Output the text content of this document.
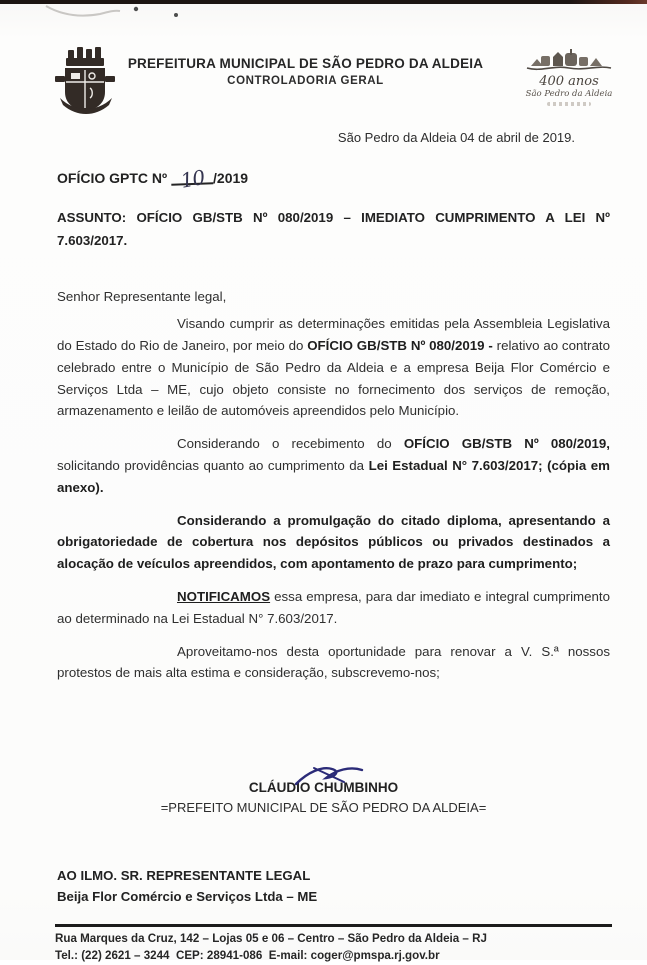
PREFEITURA MUNICIPAL DE SÃO PEDRO DA ALDEIA
CONTROLADORIA GERAL	400 anos
São Pedro da Aldeia
São Pedro da Aldeia 04 de abril de 2019.
OFÍCIO GPTC Nº 10 /2019
ASSUNTO: OFÍCIO GB/STB Nº 080/2019 – IMEDIATO CUMPRIMENTO A LEI Nº 7.603/2017.
Senhor Representante legal,

Visando cumprir as determinações emitidas pela Assembleia Legislativa do Estado do Rio de Janeiro, por meio do OFÍCIO GB/STB Nº 080/2019 - relativo ao contrato celebrado entre o Município de São Pedro da Aldeia e a empresa Beija Flor Comércio e Serviços Ltda – ME, cujo objeto consiste no fornecimento dos serviços de remoção, armazenamento e leilão de automóveis apreendidos pelo Município.

Considerando o recebimento do OFÍCIO GB/STB Nº 080/2019, solicitando providências quanto ao cumprimento da Lei Estadual N° 7.603/2017; (cópia em anexo).

Considerando a promulgação do citado diploma, apresentando a obrigatoriedade de cobertura nos depósitos públicos ou privados destinados a alocação de veículos apreendidos, com apontamento de prazo para cumprimento;

NOTIFICAMOS essa empresa, para dar imediato e integral cumprimento ao determinado na Lei Estadual N° 7.603/2017.

Aproveitamo-nos desta oportunidade para renovar a V. S.ª nossos protestos de mais alta estima e consideração, subscrevemo-nos;

CLÁUDIO CHUMBINHO
=PREFEITO MUNICIPAL DE SÃO PEDRO DA ALDEIA=
AO ILMO. SR. REPRESENTANTE LEGAL
Beija Flor Comércio e Serviços Ltda – ME
Rua Marques da Cruz, 142 – Lojas 05 e 06 – Centro – São Pedro da Aldeia – RJ
Tel.: (22) 2621 – 3244  CEP: 28941-086  E-mail: coger@pmspa.rj.gov.br
